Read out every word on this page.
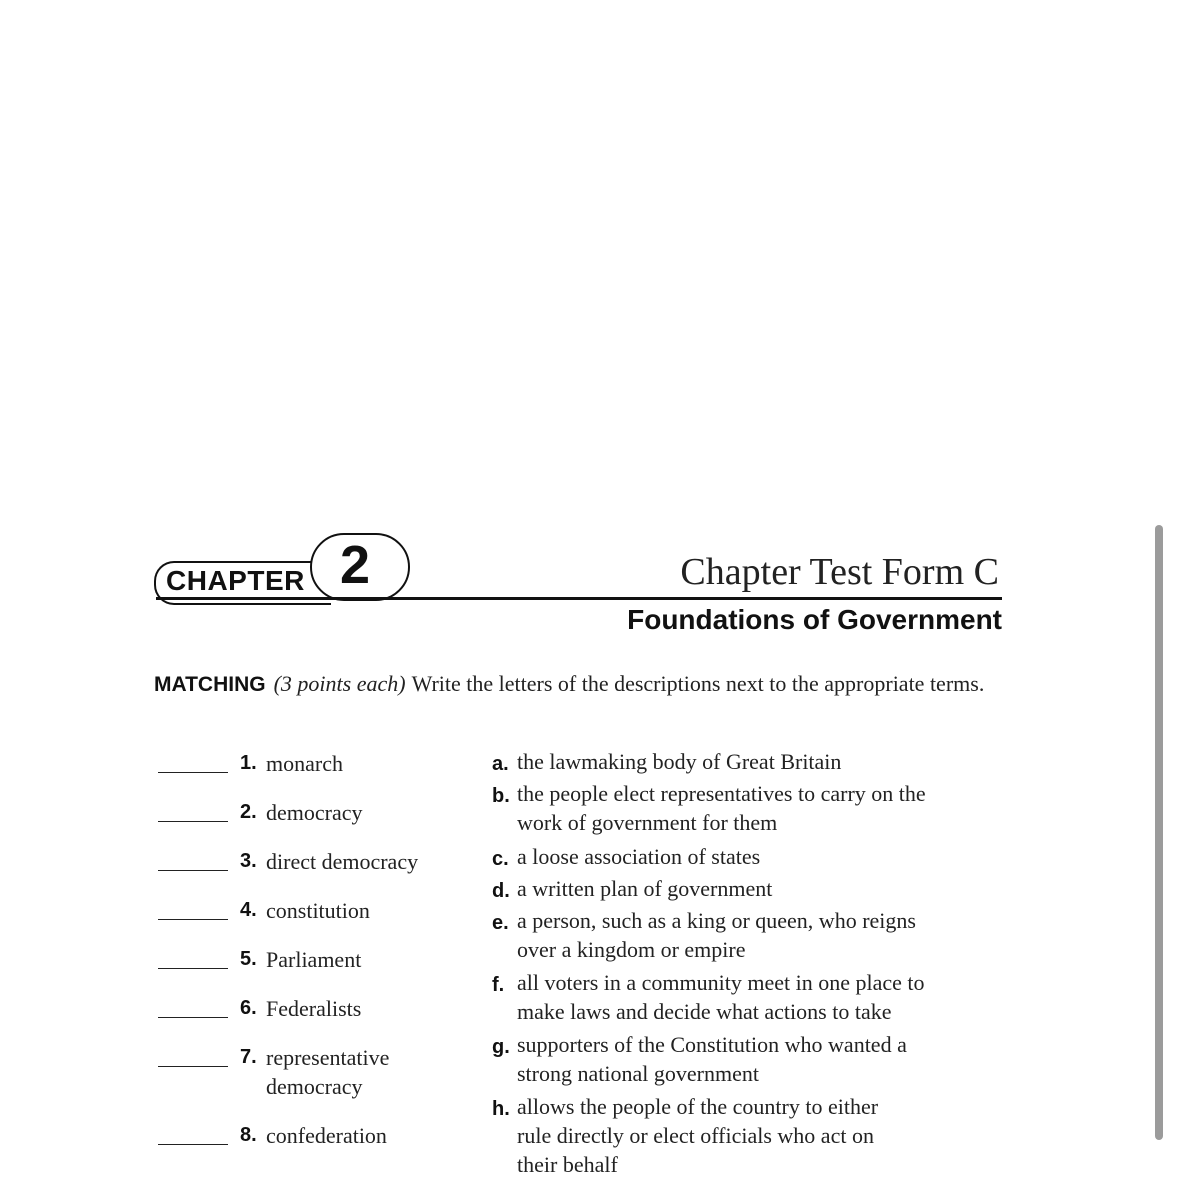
CHAPTER 2	Chapter Test Form C
Foundations of Government
MATCHING (3 points each) Write the letters of the descriptions next to the appropriate terms.
1. monarch
2. democracy
3. direct democracy
4. constitution
5. Parliament
6. Federalists
7. representative democracy
8. confederation
a. the lawmaking body of Great Britain
b. the people elect representatives to carry on the work of government for them
c. a loose association of states
d. a written plan of government
e. a person, such as a king or queen, who reigns over a kingdom or empire
f. all voters in a community meet in one place to make laws and decide what actions to take
g. supporters of the Constitution who wanted a strong national government
h. allows the people of the country to either rule directly or elect officials who act on their behalf
